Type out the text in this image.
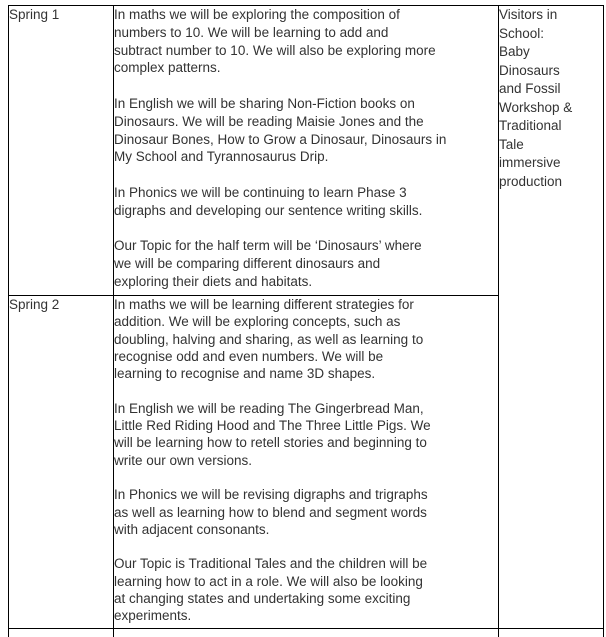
Spring 1	In maths we will be exploring the composition of
numbers to 10. We will be learning to add and
subtract number to 10. We will also be exploring more
complex patterns.

In English we will be sharing Non-Fiction books on
Dinosaurs. We will be reading Maisie Jones and the
Dinosaur Bones, How to Grow a Dinosaur, Dinosaurs in
My School and Tyrannosaurus Drip.

In Phonics we will be continuing to learn Phase 3
digraphs and developing our sentence writing skills.

Our Topic for the half term will be ‘Dinosaurs’ where
we will be comparing different dinosaurs and
exploring their diets and habitats.	Visitors in
School:
Baby
Dinosaurs
and Fossil
Workshop &
Traditional
Tale
immersive
production
Spring 2	In maths we will be learning different strategies for
addition. We will be exploring concepts, such as
doubling, halving and sharing, as well as learning to
recognise odd and even numbers. We will be
learning to recognise and name 3D shapes.

In English we will be reading The Gingerbread Man,
Little Red Riding Hood and The Three Little Pigs. We
will be learning how to retell stories and beginning to
write our own versions.

In Phonics we will be revising digraphs and trigraphs
as well as learning how to blend and segment words
with adjacent consonants.

Our Topic is Traditional Tales and the children will be
learning how to act in a role. We will also be looking
at changing states and undertaking some exciting
experiments.
